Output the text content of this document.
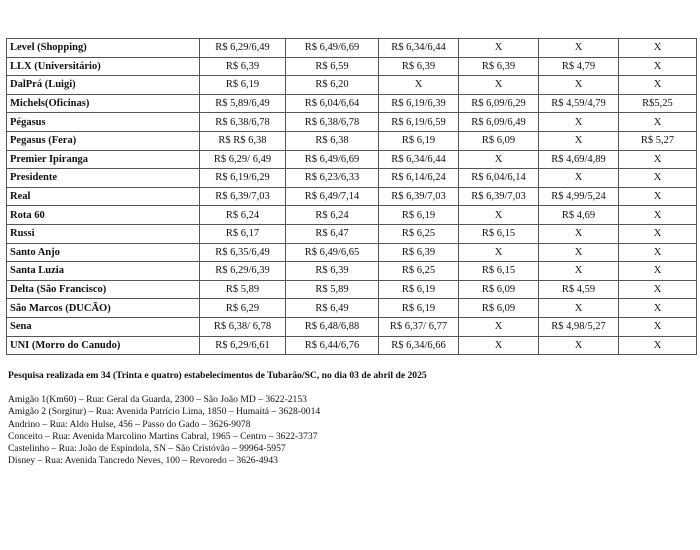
Level (Shopping)	R$ 6,29/6,49	R$ 6,49/6,69	R$ 6,34/6,44	X	X	X
LLX (Universitário)	R$ 6,39	R$ 6,59	R$ 6,39	R$ 6,39	R$ 4,79	X
DalPrá (Luigi)	R$ 6,19	R$ 6,20	X	X	X	X
Michels(Oficinas)	R$ 5,89/6,49	R$ 6,04/6,64	R$ 6,19/6,39	R$ 6,09/6,29	R$ 4,59/4,79	R$5,25
Pégasus	R$ 6,38/6,78	R$ 6,38/6,78	R$ 6,19/6,59	R$ 6,09/6,49	X	X
Pegasus (Fera)	R$ R$ 6,38	R$ 6,38	R$ 6,19	R$ 6,09	X	R$ 5,27
Premier Ipiranga	R$ 6,29/ 6,49	R$ 6,49/6,69	R$ 6,34/6,44	X	R$ 4,69/4,89	X
Presidente	R$ 6,19/6,29	R$ 6,23/6,33	R$ 6,14/6,24	R$ 6,04/6,14	X	X
Real	R$ 6,39/7,03	R$ 6,49/7,14	R$ 6,39/7,03	R$ 6,39/7,03	R$ 4,99/5,24	X
Rota 60	R$ 6,24	R$ 6,24	R$ 6,19	X	R$ 4,69	X
Russi	R$ 6,17	R$ 6,47	R$ 6,25	R$ 6,15	X	X
Santo Anjo	R$ 6,35/6,49	R$ 6,49/6,65	R$ 6,39	X	X	X
Santa Luzia	R$ 6,29/6,39	R$ 6,39	R$ 6,25	R$ 6,15	X	X
Delta (São Francisco)	R$ 5,89	R$ 5,89	R$ 6,19	R$ 6,09	R$ 4,59	X
São Marcos (DUCÃO)	R$ 6,29	R$ 6,49	R$ 6,19	R$ 6,09	X	X
Sena	R$ 6,38/ 6,78	R$ 6,48/6,88	R$ 6,37/ 6,77	X	R$ 4,98/5,27	X
UNI (Morro do Canudo)	R$ 6,29/6,61	R$ 6,44/6,76	R$ 6,34/6,66	X	X	X
Pesquisa realizada em 34 (Trinta e quatro) estabelecimentos de Tubarão/SC, no dia 03 de abril de 2025
Amigão 1(Km60) – Rua: Geral da Guarda, 2300 – São João MD – 3622-2153
Amigão 2 (Sorgitur) – Rua: Avenida Patrício Lima, 1850 – Humaitá – 3628-0014
Andrino – Rua: Aldo Hulse, 456 – Passo do Gado – 3626-9078
Conceito – Rua: Avenida Marcolino Martins Cabral, 1965 – Centro – 3622-3737
Castelinho – Rua: João de Espíndola, SN – São Cristóvão – 99964-5957
Disney – Rua: Avenida Tancredo Neves, 100 – Revoredo – 3626-4943
